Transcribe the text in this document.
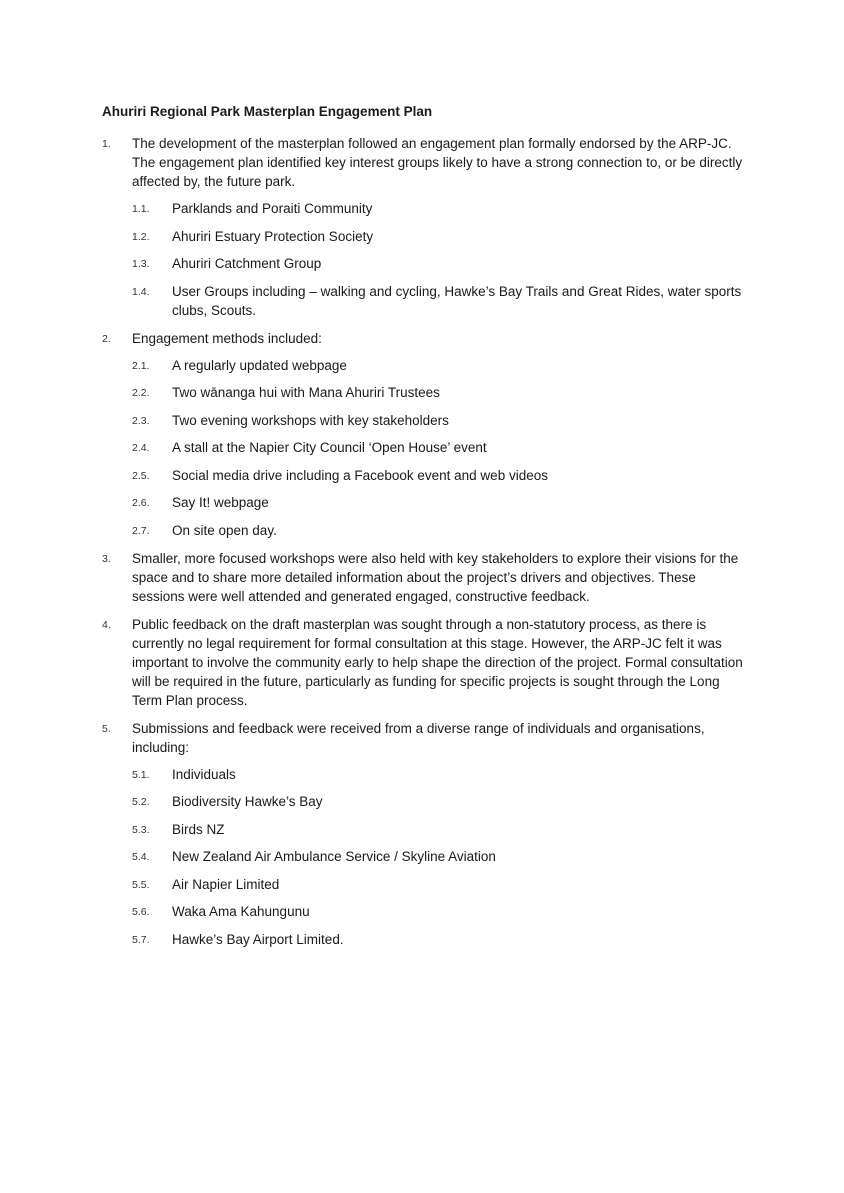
Ahuriri Regional Park Masterplan Engagement Plan
1. The development of the masterplan followed an engagement plan formally endorsed by the ARP-JC. The engagement plan identified key interest groups likely to have a strong connection to, or be directly affected by, the future park.
1.1. Parklands and Poraiti Community
1.2. Ahuriri Estuary Protection Society
1.3. Ahuriri Catchment Group
1.4. User Groups including – walking and cycling, Hawke’s Bay Trails and Great Rides, water sports clubs, Scouts.
2. Engagement methods included:
2.1. A regularly updated webpage
2.2. Two wānanga hui with Mana Ahuriri Trustees
2.3. Two evening workshops with key stakeholders
2.4. A stall at the Napier City Council ‘Open House’ event
2.5. Social media drive including a Facebook event and web videos
2.6. Say It! webpage
2.7. On site open day.
3. Smaller, more focused workshops were also held with key stakeholders to explore their visions for the space and to share more detailed information about the project’s drivers and objectives. These sessions were well attended and generated engaged, constructive feedback.
4. Public feedback on the draft masterplan was sought through a non-statutory process, as there is currently no legal requirement for formal consultation at this stage. However, the ARP-JC felt it was important to involve the community early to help shape the direction of the project. Formal consultation will be required in the future, particularly as funding for specific projects is sought through the Long Term Plan process.
5. Submissions and feedback were received from a diverse range of individuals and organisations, including:
5.1. Individuals
5.2. Biodiversity Hawke’s Bay
5.3. Birds NZ
5.4. New Zealand Air Ambulance Service / Skyline Aviation
5.5. Air Napier Limited
5.6. Waka Ama Kahungunu
5.7. Hawke’s Bay Airport Limited.
